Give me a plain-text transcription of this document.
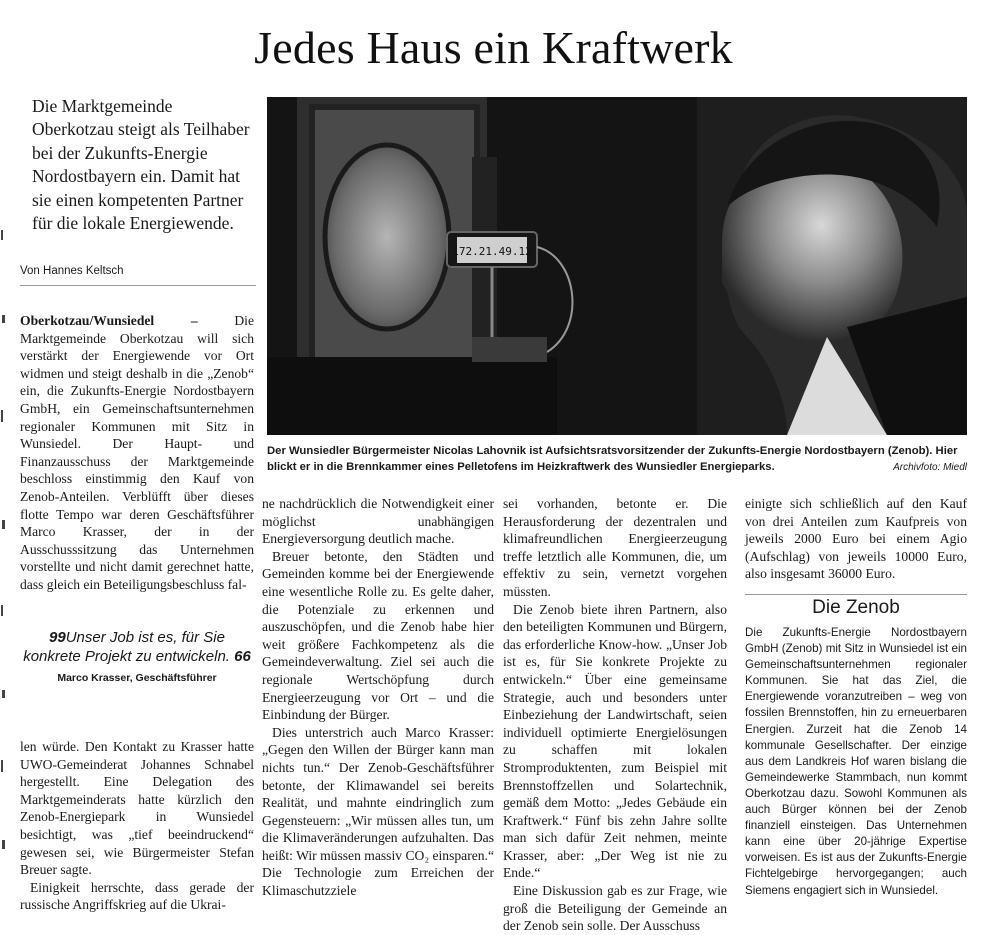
Jedes Haus ein Kraftwerk
Die Marktgemeinde Oberkotzau steigt als Teilhaber bei der Zukunfts-Energie Nordostbayern ein. Damit hat sie einen kompetenten Partner für die lokale Energiewende.
Von Hannes Keltsch

Oberkotzau/Wunsiedel –	Die Marktgemeinde Oberkotzau will sich verstärkt der Energiewende vor Ort widmen und steigt deshalb in die „Zenob“ ein, die Zukunfts-Energie Nordostbayern GmbH, ein Gemeinschaftsunternehmen regionaler Kommunen mit Sitz in Wunsiedel. Der Haupt- und Finanzausschuss der Marktgemeinde beschloss einstimmig den Kauf von Zenob-Anteilen. Verblüfft über dieses flotte Tempo war deren Geschäftsführer Marco Krasser, der in der Ausschusssitzung das Unternehmen vorstellte und nicht damit gerechnet hatte, dass gleich ein Beteiligungsbeschluss fal-

99Unser Job ist es, für Sie konkrete Projekt zu entwickeln. 66
Marco Krasser, Geschäftsführer

len würde. Den Kontakt zu Krasser hatte UWO-Gemeinderat Johannes Schnabel hergestellt. Eine Delegation des Marktgemeinderats hatte kürzlich den Zenob-Energiepark in Wunsiedel besichtigt, was „tief beeindruckend“ gewesen sei, wie Bürgermeister Stefan Breuer sagte.

Einigkeit herrschte, dass gerade der russische Angriffskrieg auf die Ukrai-

172.21.49.12
Der Wunsiedler Bürgermeister Nicolas Lahovnik ist Aufsichtsratsvorsitzender der Zukunfts-Energie Nordostbayern (Zenob). Hier blickt er in die Brennkammer eines Pelletofens im Heizkraftwerk des Wunsiedler Energieparks.	Archivfoto: Miedl

ne nachdrücklich die Notwendigkeit einer möglichst unabhängigen Energieversorgung deutlich mache.

Breuer betonte, den Städten und Gemeinden komme bei der Energiewende eine wesentliche Rolle zu. Es gelte daher, die Potenziale zu erkennen und auszuschöpfen, und die Zenob habe hier weit größere Fachkompetenz als die Gemeindeverwaltung. Ziel sei auch die regionale Wertschöpfung durch Energieerzeugung vor Ort – und die Einbindung der Bürger.

Dies unterstrich auch Marco Krasser: „Gegen den Willen der Bürger kann man nichts tun.“ Der Zenob-Geschäftsführer betonte, der Klimawandel sei bereits Realität, und mahnte eindringlich zum Gegensteuern: „Wir müssen alles tun, um die Klimaveränderungen aufzuhalten. Das heißt: Wir müssen massiv CO₂ einsparen.“ Die Technologie zum Erreichen der Klimaschutzziele

sei vorhanden, betonte er. Die Herausforderung der dezentralen und klimafreundlichen Energieerzeugung treffe letztlich alle Kommunen, die, um effektiv zu sein, vernetzt vorgehen müssten.

Die Zenob biete ihren Partnern, also den beteiligten Kommunen und Bürgern, das erforderliche Know-how. „Unser Job ist es, für Sie konkrete Projekte zu entwickeln.“ Über eine gemeinsame Strategie, auch und besonders unter Einbeziehung der Landwirtschaft, seien individuell optimierte Energielösungen zu schaffen mit lokalen Stromproduktenten, zum Beispiel mit Brennstoffzellen und Solartechnik, gemäß dem Motto: „Jedes Gebäude ein Kraftwerk.“ Fünf bis zehn Jahre sollte man sich dafür Zeit nehmen, meinte Krasser, aber: „Der Weg ist nie zu Ende.“

Eine Diskussion gab es zur Frage, wie groß die Beteiligung der Gemeinde an der Zenob sein solle. Der Ausschuss

einigte sich schließlich auf den Kauf von drei Anteilen zum Kaufpreis von jeweils 2000 Euro bei einem Agio (Aufschlag) von jeweils 10000 Euro, also insgesamt 36000 Euro.

Die Zenob
Die Zukunfts-Energie Nordostbayern GmbH (Zenob) mit Sitz in Wunsiedel ist ein Gemeinschaftsunternehmen regionaler Kommunen. Sie hat das Ziel, die Energiewende voranzutreiben – weg von fossilen Brennstoffen, hin zu erneuerbaren Energien. Zurzeit hat die Zenob 14 kommunale Gesellschafter. Der einzige aus dem Landkreis Hof waren bislang die Gemeindewerke Stammbach, nun kommt Oberkotzau dazu. Sowohl Kommunen als auch Bürger können bei der Zenob finanziell einsteigen. Das Unternehmen kann eine über 20-jährige Expertise vorweisen. Es ist aus der Zukunfts-Energie Fichtelgebirge hervorgegangen; auch Siemens engagiert sich in Wunsiedel.
